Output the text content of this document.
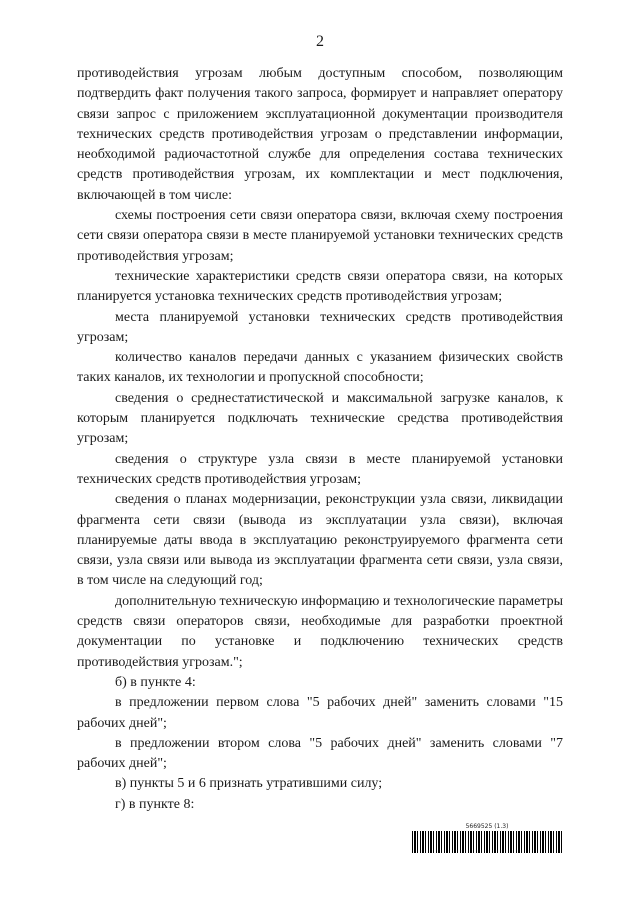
2

противодействия угрозам любым доступным способом, позволяющим подтвердить факт получения такого запроса, формирует и направляет оператору связи запрос с приложением эксплуатационной документации производителя технических средств противодействия угрозам о представлении информации, необходимой радиочастотной службе для определения состава технических средств противодействия угрозам, их комплектации и мест подключения, включающей в том числе:

схемы построения сети связи оператора связи, включая схему построения сети связи оператора связи в месте планируемой установки технических средств противодействия угрозам;

технические характеристики средств связи оператора связи, на которых планируется установка технических средств противодействия угрозам;

места планируемой установки технических средств противодействия угрозам;

количество каналов передачи данных с указанием физических свойств таких каналов, их технологии и пропускной способности;

сведения о среднестатистической и максимальной загрузке каналов, к которым планируется подключать технические средства противодействия угрозам;

сведения о структуре узла связи в месте планируемой установки технических средств противодействия угрозам;

сведения о планах модернизации, реконструкции узла связи, ликвидации фрагмента сети связи (вывода из эксплуатации узла связи), включая планируемые даты ввода в эксплуатацию реконструируемого фрагмента сети связи, узла связи или вывода из эксплуатации фрагмента сети связи, узла связи, в том числе на следующий год;

дополнительную техническую информацию и технологические параметры средств связи операторов связи, необходимые для разработки проектной документации по установке и подключению технических средств противодействия угрозам.";

б) в пункте 4:

в предложении первом слова "5 рабочих дней" заменить словами "15 рабочих дней";

в предложении втором слова "5 рабочих дней" заменить словами "7 рабочих дней";

в) пункты 5 и 6 признать утратившими силу;

г) в пункте 8:

5669525 (1.3)
